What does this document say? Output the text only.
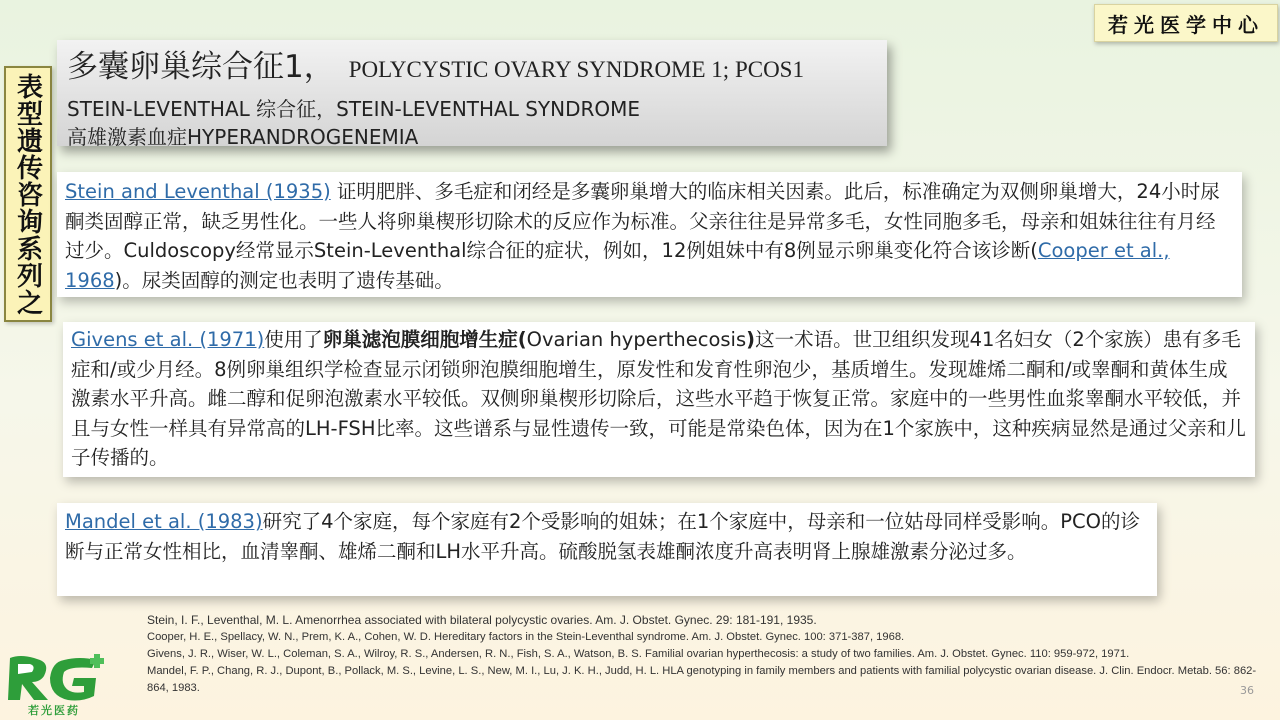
若光医学中心
表型遗传咨询系列之
多囊卵巢综合征1， POLYCYSTIC OVARY SYNDROME 1; PCOS1
STEIN-LEVENTHAL 综合征，STEIN-LEVENTHAL SYNDROME
高雄激素血症HYPERANDROGENEMIA
Stein and Leventhal (1935) 证明肥胖、多毛症和闭经是多囊卵巢增大的临床相关因素。此后，标准确定为双侧卵巢增大，24小时尿酮类固醇正常，缺乏男性化。一些人将卵巢楔形切除术的反应作为标准。父亲往往是异常多毛，女性同胞多毛，母亲和姐妹往往有月经过少。Culdoscopy经常显示Stein-Leventhal综合征的症状，例如，12例姐妹中有8例显示卵巢变化符合该诊断(Cooper et al., 1968)。尿类固醇的测定也表明了遗传基础。
Givens et al. (1971)使用了卵巢滤泡膜细胞增生症(Ovarian hyperthecosis)这一术语。世卫组织发现41名妇女（2个家族）患有多毛症和/或少月经。8例卵巢组织学检查显示闭锁卵泡膜细胞增生，原发性和发育性卵泡少，基质增生。发现雄烯二酮和/或睾酮和黄体生成激素水平升高。雌二醇和促卵泡激素水平较低。双侧卵巢楔形切除后，这些水平趋于恢复正常。家庭中的一些男性血浆睾酮水平较低，并且与女性一样具有异常高的LH-FSH比率。这些谱系与显性遗传一致，可能是常染色体，因为在1个家族中，这种疾病显然是通过父亲和儿子传播的。
Mandel et al. (1983)研究了4个家庭，每个家庭有2个受影响的姐妹；在1个家庭中，母亲和一位姑母同样受影响。PCO的诊断与正常女性相比，血清睾酮、雄烯二酮和LH水平升高。硫酸脱氢表雄酮浓度升高表明肾上腺雄激素分泌过多。
若光医药
Stein, I. F., Leventhal, M. L. Amenorrhea associated with bilateral polycystic ovaries. Am. J. Obstet. Gynec. 29: 181-191, 1935.
Cooper, H. E., Spellacy, W. N., Prem, K. A., Cohen, W. D. Hereditary factors in the Stein-Leventhal syndrome. Am. J. Obstet. Gynec. 100: 371-387, 1968.
Givens, J. R., Wiser, W. L., Coleman, S. A., Wilroy, R. S., Andersen, R. N., Fish, S. A., Watson, B. S. Familial ovarian hyperthecosis: a study of two families. Am. J. Obstet. Gynec. 110: 959-972, 1971.
Mandel, F. P., Chang, R. J., Dupont, B., Pollack, M. S., Levine, L. S., New, M. I., Lu, J. K. H., Judd, H. L. HLA genotyping in family members and patients with familial polycystic ovarian disease. J. Clin. Endocr. Metab. 56: 862-864, 1983.	36
